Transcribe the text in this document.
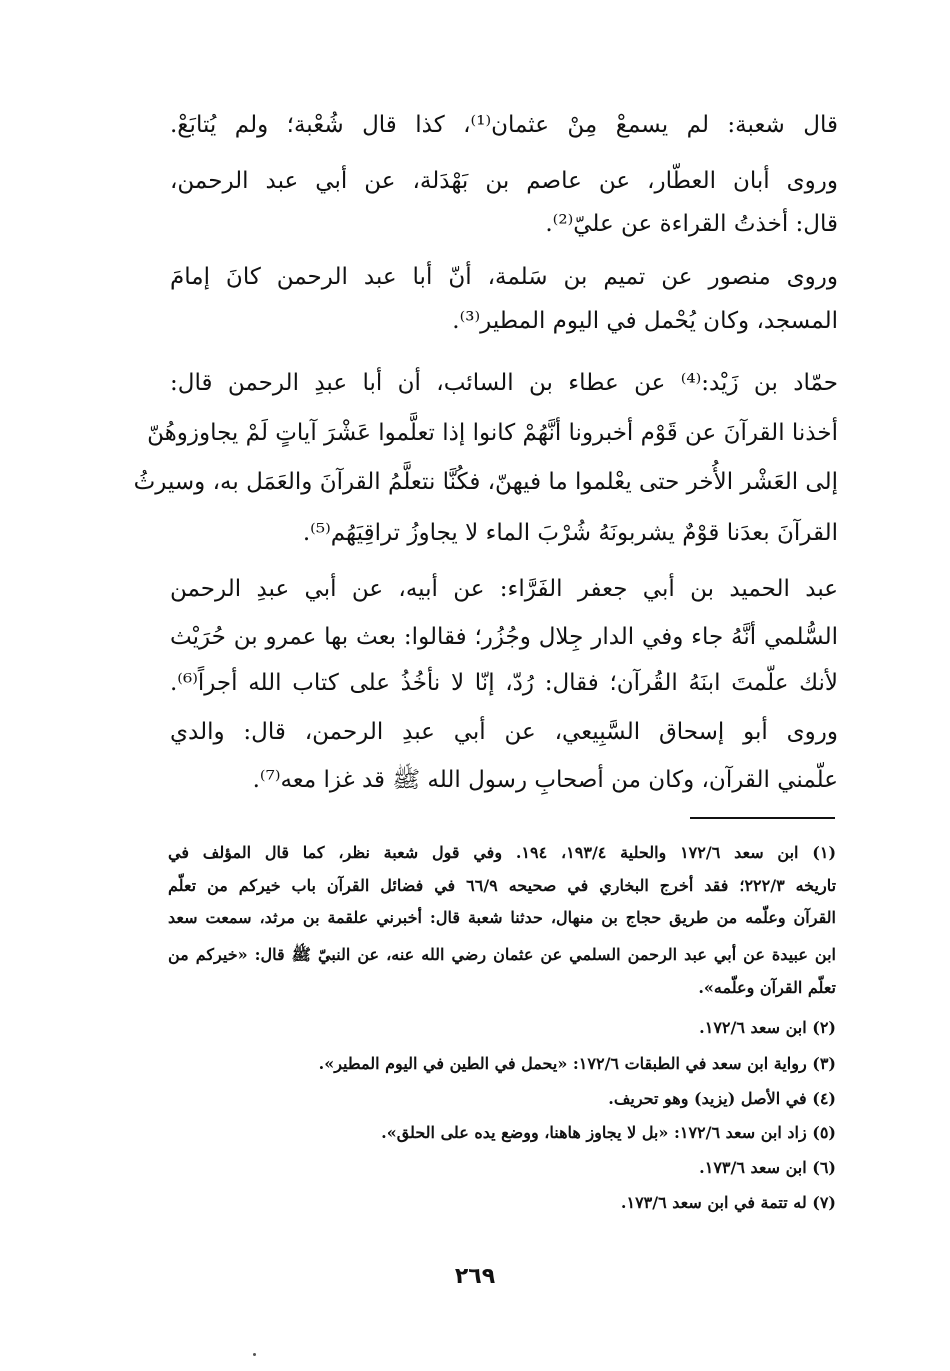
قال شعبة: لم يسمعْ مِنْ عثمان⁽¹⁾، كذا قال شُعْبة؛ ولم يُتابَعْ.
وروى أبان العطّار، عن عاصم بن بَهْدَلة، عن أبي عبد الرحمن،
قال: أخذتُ القراءة عن عليّ⁽²⁾.
وروى منصور عن تميم بن سَلمة، أنّ أبا عبد الرحمن كانَ إمامَ
المسجد، وكان يُحْمل في اليوم المطير⁽³⁾.
حمّاد بن زَيْد:⁽⁴⁾ عن عطاء بن السائب، أن أبا عبدِ الرحمن قال:
أخذنا القرآنَ عن قَوْم أخبرونا أنَّهُمْ كانوا إذا تعلَّموا عَشْرَ آياتٍ لَمْ يجاوزوهُنّ
إلى العَشْر الأُخر حتى يعْلموا ما فيهنّ، فكُنَّا نتعلَّمُ القرآنَ والعَمَل به، وسيرثُ
القرآنَ بعدَنا قوْمٌ يشربونَهُ شُرْبَ الماء لا يجاوزُ تراقِيَهُم⁽⁵⁾.
عبد الحميد بن أبي جعفر الفَرَّاء: عن أبيه، عن أبي عبدِ الرحمن
السُّلمي أنَّهُ جاء وفي الدار جِلال وجُزُر؛ فقالوا: بعث بها عمرو بن حُرَيْث
لأنك علّمتَ ابنَهُ القُرآن؛ فقال: رُدّ، إنّا لا نأخُذُ على كتاب الله أجراً⁽⁶⁾.
وروى أبو إسحاق السَّبِيعي، عن أبي عبدِ الرحمن، قال: والدي
علّمني القرآن، وكان من أصحابِ رسول الله ﷺ قد غزا معه⁽⁷⁾.
(١) ابن سعد ١٧٢/٦ والحلية ١٩٣/٤، ١٩٤. وفي قول شعبة نظر، كما قال المؤلف في
تاريخه ٢٢٢/٣؛ فقد أخرج البخاري في صحيحه ٦٦/٩ في فضائل القرآن باب خيركم من تعلّم
القرآن وعلّمه من طريق حجاج بن منهال، حدثنا شعبة قال: أخبرني علقمة بن مرثد، سمعت سعد
ابن عبيدة عن أبي عبد الرحمن السلمي عن عثمان رضي الله عنه، عن النبيّ ﷺ قال: «خيركم من
تعلّم القرآن وعلّمه».
(٢) ابن سعد ١٧٢/٦.
(٣) رواية ابن سعد في الطبقات ١٧٢/٦: «يحمل في الطين في اليوم المطير».
(٤) في الأصل (يزيد) وهو تحريف.
(٥) زاد ابن سعد ١٧٢/٦: «بل لا يجاوز هاهنا، ووضع يده على الحلق».
(٦) ابن سعد ١٧٣/٦.
(٧) له تتمة في ابن سعد ١٧٣/٦.
٢٦٩
